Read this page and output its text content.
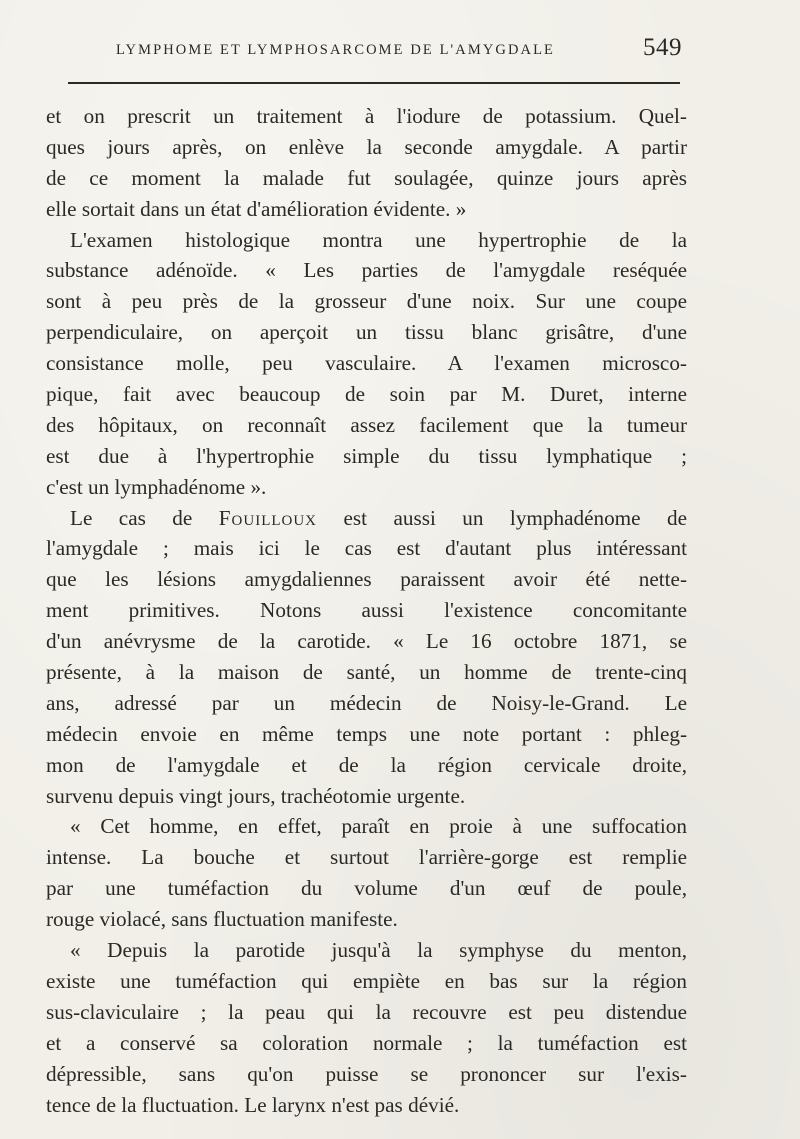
LYMPHOME ET LYMPHOSARCOME DE L'AMYGDALE	549
et on prescrit un traitement à l'iodure de potassium. Quel-
ques jours après, on enlève la seconde amygdale. A partir
de ce moment la malade fut soulagée, quinze jours après
elle sortait dans un état d'amélioration évidente. »
L'examen histologique montra une hypertrophie de la
substance adénoïde. « Les parties de l'amygdale reséquée
sont à peu près de la grosseur d'une noix. Sur une coupe
perpendiculaire, on aperçoit un tissu blanc grisâtre, d'une
consistance molle, peu vasculaire. A l'examen microsco-
pique, fait avec beaucoup de soin par M. Duret, interne
des hôpitaux, on reconnaît assez facilement que la tumeur
est due à l'hypertrophie simple du tissu lymphatique ;
c'est un lymphadénome ».
Le cas de Fouilloux est aussi un lymphadénome de
l'amygdale ; mais ici le cas est d'autant plus intéressant
que les lésions amygdaliennes paraissent avoir été nette-
ment primitives. Notons aussi l'existence concomitante
d'un anévrysme de la carotide. « Le 16 octobre 1871, se
présente, à la maison de santé, un homme de trente-cinq
ans, adressé par un médecin de Noisy-le-Grand. Le
médecin envoie en même temps une note portant : phleg-
mon de l'amygdale et de la région cervicale droite,
survenu depuis vingt jours, trachéotomie urgente.
« Cet homme, en effet, paraît en proie à une suffocation
intense. La bouche et surtout l'arrière-gorge est remplie
par une tuméfaction du volume d'un œuf de poule,
rouge violacé, sans fluctuation manifeste.
« Depuis la parotide jusqu'à la symphyse du menton,
existe une tuméfaction qui empiète en bas sur la région
sus-claviculaire ; la peau qui la recouvre est peu distendue
et a conservé sa coloration normale ; la tuméfaction est
dépressible, sans qu'on puisse se prononcer sur l'exis-
tence de la fluctuation. Le larynx n'est pas dévié.
